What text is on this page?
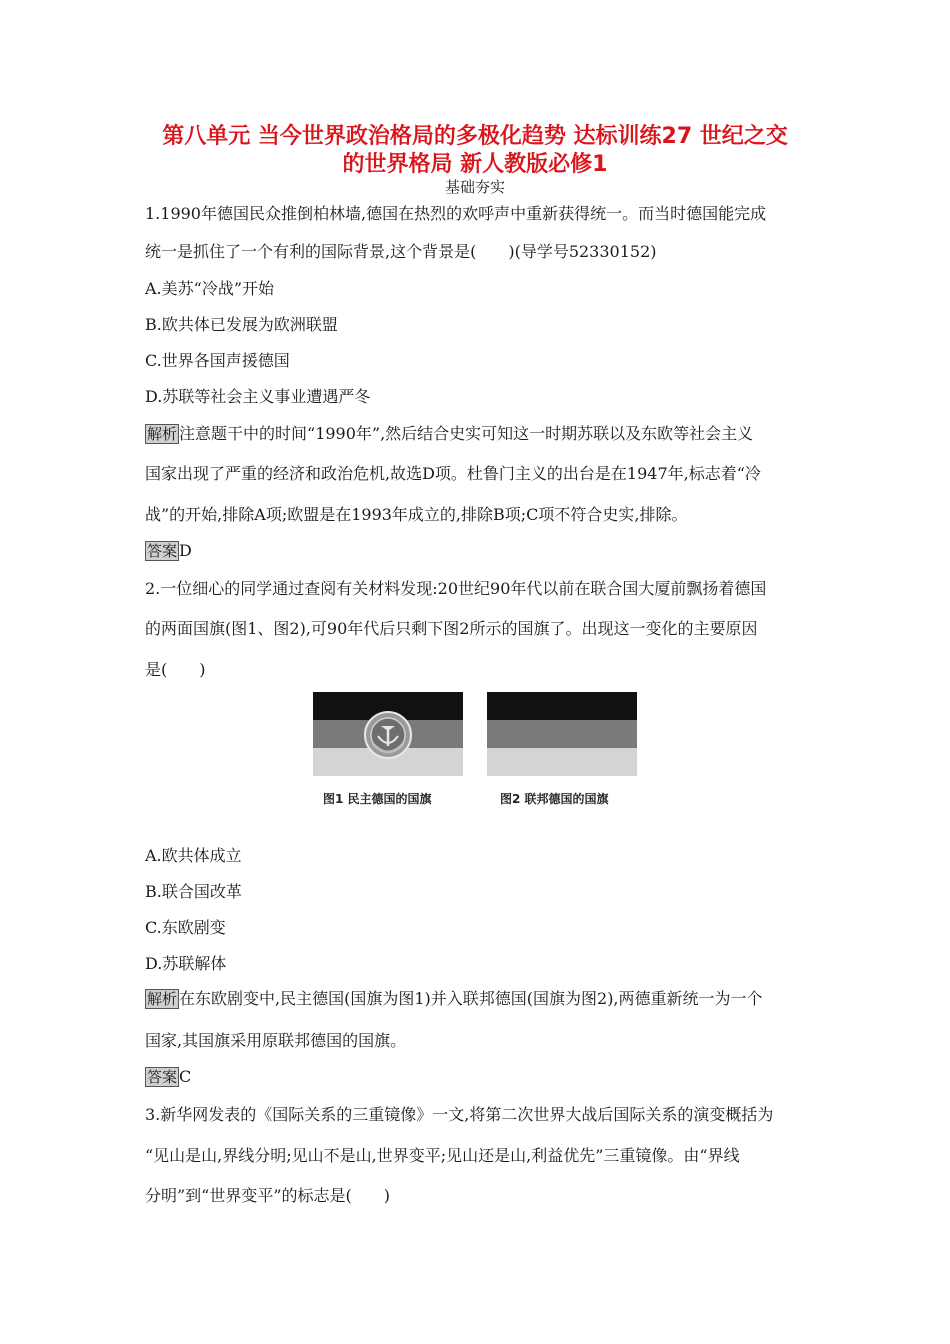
第八单元 当今世界政治格局的多极化趋势 达标训练27 世纪之交
的世界格局 新人教版必修1
基础夯实
1.1990年德国民众推倒柏林墙,德国在热烈的欢呼声中重新获得统一。而当时德国能完成
统一是抓住了一个有利的国际背景,这个背景是(　　)(导学号52330152)
A.美苏“冷战”开始
B.欧共体已发展为欧洲联盟
C.世界各国声援德国
D.苏联等社会主义事业遭遇严冬
解析 注意题干中的时间“1990年”,然后结合史实可知这一时期苏联以及东欧等社会主义
国家出现了严重的经济和政治危机,故选D项。杜鲁门主义的出台是在1947年,标志着“冷
战”的开始,排除A项;欧盟是在1993年成立的,排除B项;C项不符合史实,排除。
答案 D
2.一位细心的同学通过查阅有关材料发现:20世纪90年代以前在联合国大厦前飘扬着德国
的两面国旗(图1、图2),可90年代后只剩下图2所示的国旗了。出现这一变化的主要原因
是(　　)
图1 民主德国的国旗	图2 联邦德国的国旗
A.欧共体成立
B.联合国改革
C.东欧剧变
D.苏联解体
解析 在东欧剧变中,民主德国(国旗为图1)并入联邦德国(国旗为图2),两德重新统一为一个
国家,其国旗采用原联邦德国的国旗。
答案 C
3.新华网发表的《国际关系的三重镜像》一文,将第二次世界大战后国际关系的演变概括为
“见山是山,界线分明;见山不是山,世界变平;见山还是山,利益优先”三重镜像。由“界线
分明”到“世界变平”的标志是(　　)
